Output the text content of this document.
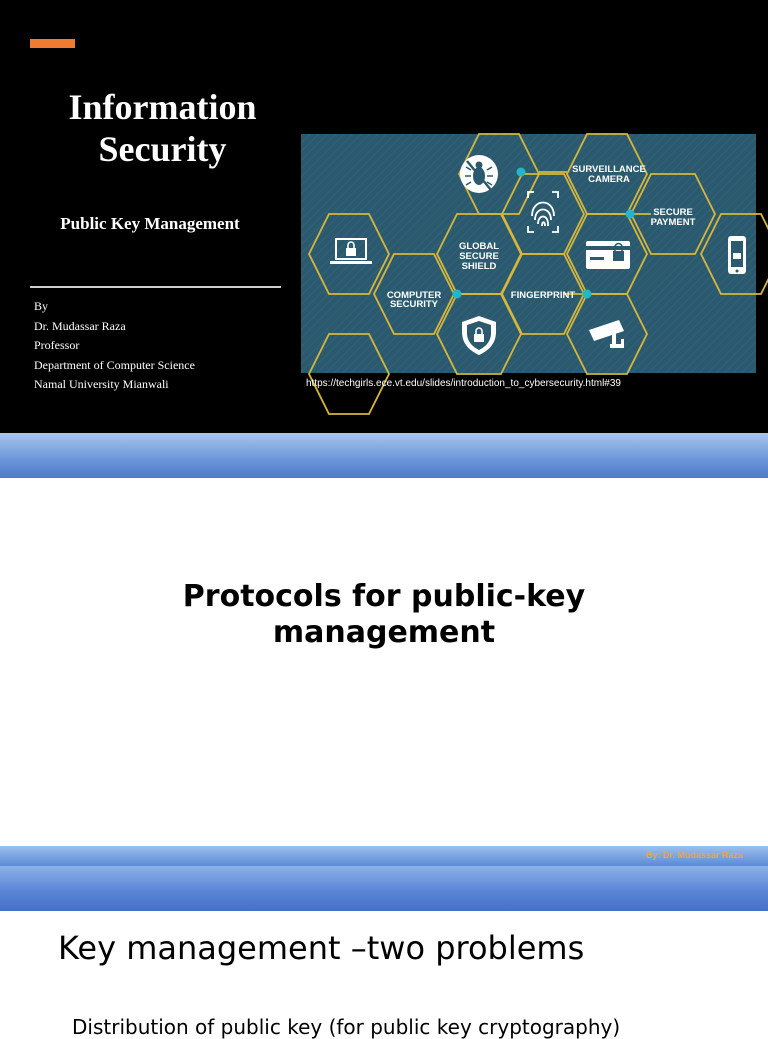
Information Security
Public Key Management
By
Dr. Mudassar Raza
Professor
Department of Computer Science
Namal University Mianwali
SURVEILLANCE
CAMERA
SECURE
PAYMENT
GLOBAL
SECURE
SHIELD
COMPUTER
SECURITY
FINGERPRINT
https://techgirls.ece.vt.edu/slides/introduction_to_cybersecurity.html#39
Protocols for public-key management
By: Dr. Mudassar Raza
Key management –two problems
Distribution of public key (for public key cryptography)
